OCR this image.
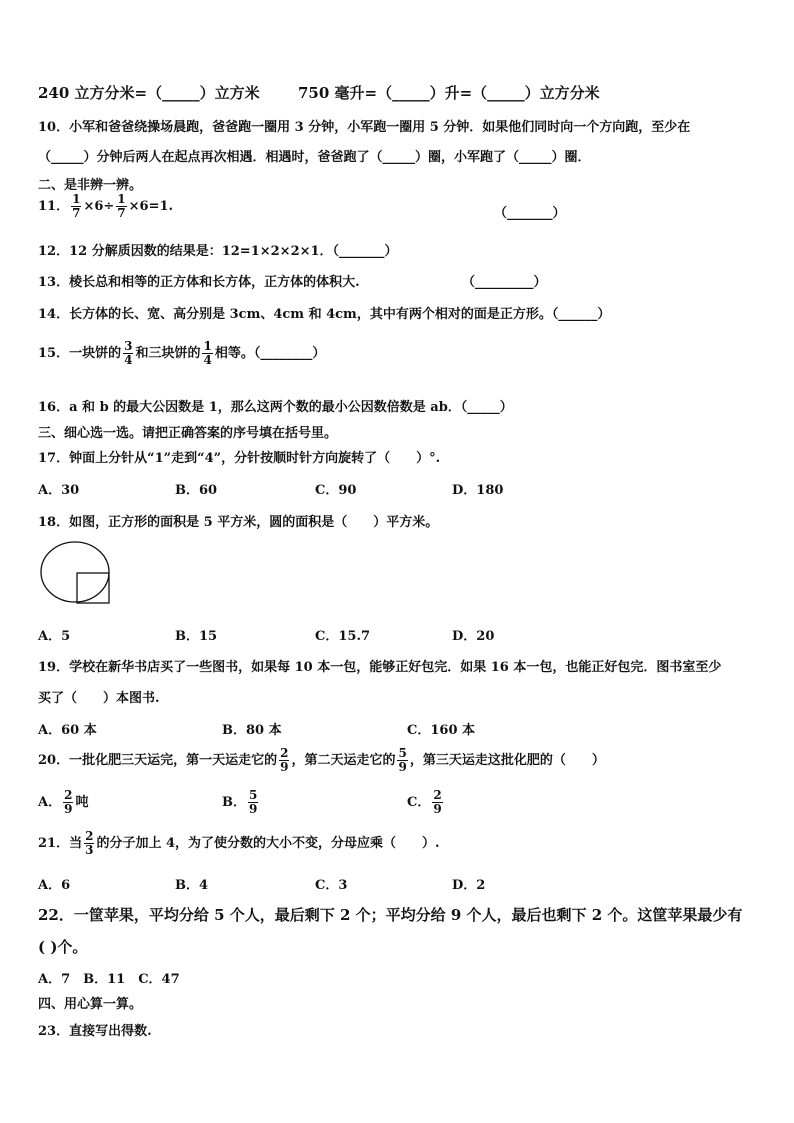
240 立方分米=（_____）立方米	750 毫升=（_____）升=（_____）立方分米
10．小军和爸爸绕操场晨跑，爸爸跑一圈用 3 分钟，小军跑一圈用 5 分钟．如果他们同时向一个方向跑，至少在
（_____）分钟后两人在起点再次相遇．相遇时，爸爸跑了（_____）圈，小军跑了（_____）圈．
二、是非辨一辨。
11． $\frac{1}{7} \times 6\div \frac{1}{7} \times 6=1$.	（_______）
12．12 分解质因数的结果是：12=1×2×2×1．（_______）
13．棱长总和相等的正方体和长方体，正方体的体积大.	（_________）
14．长方体的长、宽、高分别是 3cm、4cm 和 4cm，其中有两个相对的面是正方形。（______）
15．一块饼的 $\frac{3}{4}$ 和三块饼的 $\frac{1}{4}$ 相等。（________）
16．a 和 b 的最大公因数是 1，那么这两个数的最小公因数倍数是 ab．（_____）
三、细心选一选。请把正确答案的序号填在括号里。
17．钟面上分针从“1”走到“4”，分针按顺时针方向旋转了（　　）°.
A．30	B．60	C．90	D．180
18．如图，正方形的面积是 5 平方米，圆的面积是（　　）平方米。
A．5	B．15	C．15.7	D．20
19．学校在新华书店买了一些图书，如果每 10 本一包，能够正好包完．如果 16 本一包，也能正好包完．图书室至少
买了（　　）本图书.
A．60 本	B．80 本	C．160 本
20．一批化肥三天运完，第一天运走它的 $\frac{2}{9}$ ，第二天运走它的 $\frac{5}{9}$ ，第三天运走这批化肥的（　　）
A． $\frac{2}{9}$ 吨	B． $\frac{5}{9}$	C． $\frac{2}{9}$
21．当 $\frac{2}{3}$ 的分子加上 4，为了使分数的大小不变，分母应乘（　　）.
A．6	B．4	C．3	D．2
22．一筐苹果，平均分给 5 个人，最后剩下 2 个；平均分给 9 个人，最后也剩下 2 个。这筐苹果最少有
( )个。
A．7　B．11　C．47
四、用心算一算。
23．直接写出得数.
